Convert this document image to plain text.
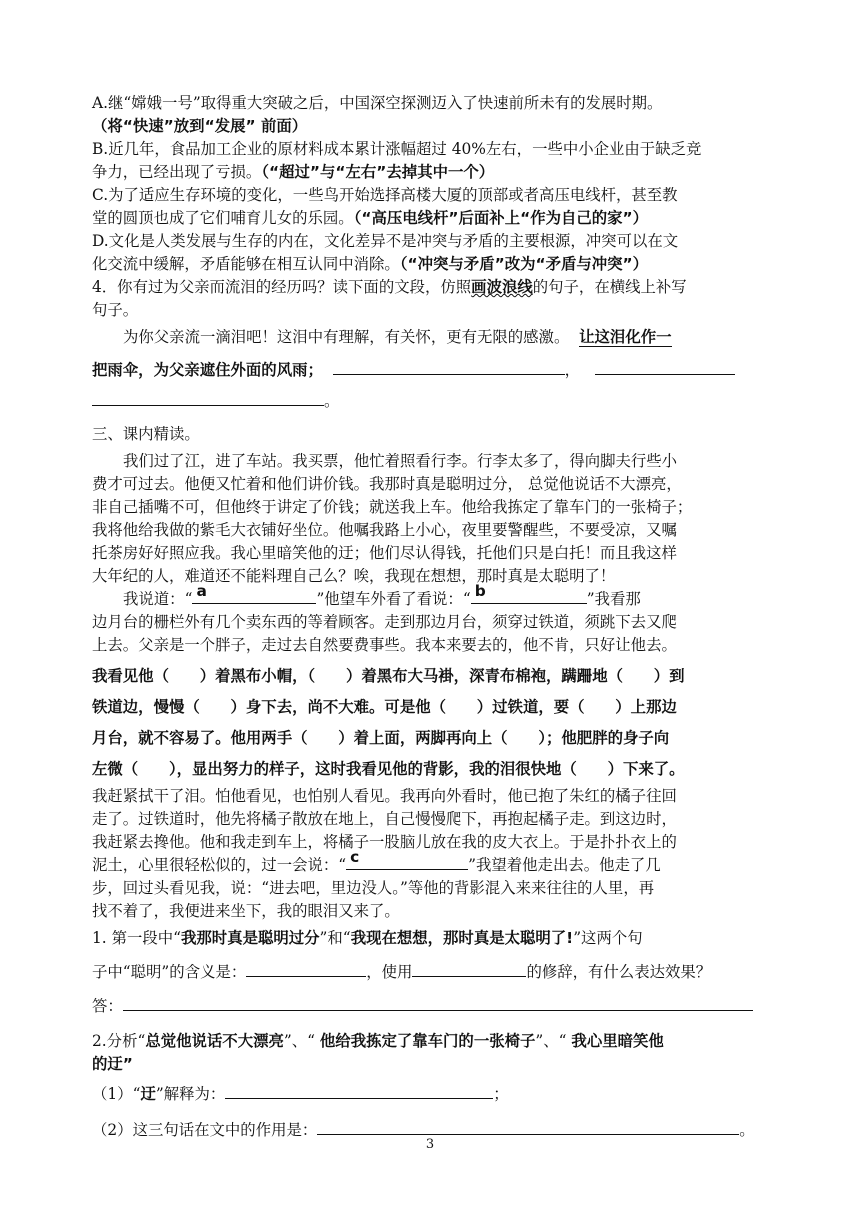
A.继“嫦娥一号”取得重大突破之后，中国深空探测迈入了快速前所未有的发展时期。
（将“快速”放到“发展” 前面）
B.近几年，食品加工企业的原材料成本累计涨幅超过 40%左右，一些中小企业由于缺乏竞
争力，已经出现了亏损。（“超过”与“左右”去掉其中一个）
C.为了适应生存环境的变化，一些鸟开始选择高楼大厦的顶部或者高压电线杆，甚至教
堂的圆顶也成了它们哺育儿女的乐园。（“高压电线杆”后面补上“作为自己的家”）
D.文化是人类发展与生存的内在，文化差异不是冲突与矛盾的主要根源，冲突可以在文
化交流中缓解，矛盾能够在相互认同中消除。（“冲突与矛盾”改为“矛盾与冲突”）
4．你有过为父亲而流泪的经历吗？读下面的文段，仿照画波浪线的句子，在横线上补写
句子。
为你父亲流一滴泪吧！这泪中有理解，有关怀，更有无限的感激。 让这泪化作一
把雨伞，为父亲遮住外面的风雨；	，
。
三、课内精读。
我们过了江，进了车站。我买票，他忙着照看行李。行李太多了，得向脚夫行些小
费才可过去。他便又忙着和他们讲价钱。我那时真是聪明过分， 总觉他说话不大漂亮，
非自己插嘴不可，但他终于讲定了价钱；就送我上车。他给我拣定了靠车门的一张椅子；
我将他给我做的紫毛大衣铺好坐位。他嘱我路上小心，夜里要警醒些，不要受凉，又嘱
托茶房好好照应我。我心里暗笑他的迂；他们尽认得钱，托他们只是白托！而且我这样
大年纪的人，难道还不能料理自己么？唉，我现在想想，那时真是太聪明了！
我说道：“ a	”他望车外看了看说：“ b	”我看那
边月台的栅栏外有几个卖东西的等着顾客。走到那边月台，须穿过铁道，须跳下去又爬
上去。父亲是一个胖子，走过去自然要费事些。我本来要去的，他不肯，只好让他去。
我看见他（　　）着黑布小帽，（　　）着黑布大马褂，深青布棉袍，蹒跚地（　　）到
铁道边，慢慢（　　）身下去，尚不大难。可是他（　　）过铁道，要（　　）上那边
月台，就不容易了。他用两手（　　）着上面，两脚再向上（　　）；他肥胖的身子向
左微（　　），显出努力的样子，这时我看见他的背影，我的泪很快地（　　）下来了。
我赶紧拭干了泪。怕他看见，也怕别人看见。我再向外看时，他已抱了朱红的橘子往回
走了。过铁道时，他先将橘子散放在地上，自己慢慢爬下，再抱起橘子走。到这边时，
我赶紧去搀他。他和我走到车上，将橘子一股脑儿放在我的皮大衣上。于是扑扑衣上的
泥土，心里很轻松似的，过一会说：“ c	”我望着他走出去。他走了几
步，回过头看见我，说：“进去吧，里边没人。”等他的背影混入来来往往的人里，再
找不着了，我便进来坐下，我的眼泪又来了。
1. 第一段中“我那时真是聪明过分”和“我现在想想，那时真是太聪明了!”这两个句
子中“聪明”的含义是：	，使用	的修辞，有什么表达效果？
答：
2.分析“总觉他说话不大漂亮”、“ 他给我拣定了靠车门的一张椅子”、“ 我心里暗笑他
的迂”
（1）“迂”解释为：	；
（2）这三句话在文中的作用是：	。
3
